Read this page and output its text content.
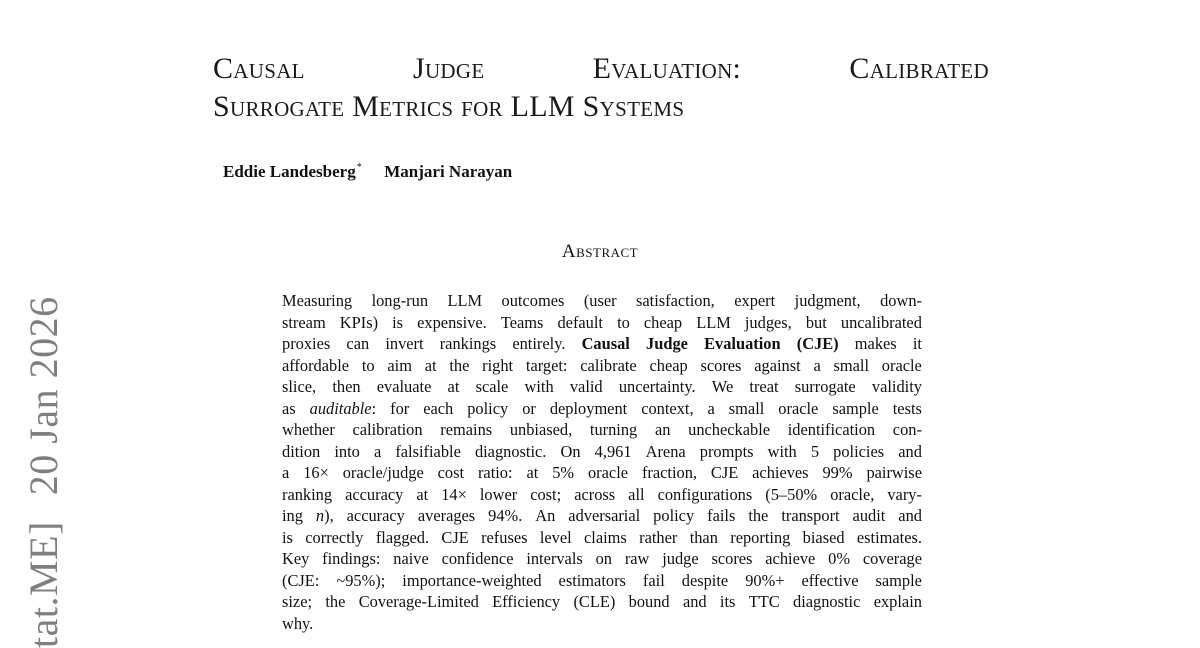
Causal	Judge	Evaluation:	Calibrated
Surrogate Metrics for LLM Systems
Eddie Landesberg* Manjari Narayan
Abstract
Measuring long-run LLM outcomes (user satisfaction, expert judgment, down-
stream KPIs) is expensive. Teams default to cheap LLM judges, but uncalibrated
proxies can invert rankings entirely. Causal Judge Evaluation (CJE) makes it
affordable to aim at the right target: calibrate cheap scores against a small oracle
slice, then evaluate at scale with valid uncertainty. We treat surrogate validity
as auditable: for each policy or deployment context, a small oracle sample tests
whether calibration remains unbiased, turning an uncheckable identification con-
dition into a falsifiable diagnostic. On 4,961 Arena prompts with 5 policies and
a 16× oracle/judge cost ratio: at 5% oracle fraction, CJE achieves 99% pairwise
ranking accuracy at 14× lower cost; across all configurations (5–50% oracle, vary-
ing n), accuracy averages 94%. An adversarial policy fails the transport audit and
is correctly flagged. CJE refuses level claims rather than reporting biased estimates.
Key findings: naive confidence intervals on raw judge scores achieve 0% coverage
(CJE: ~95%); importance-weighted estimators fail despite 90%+ effective sample
size; the Coverage-Limited Efficiency (CLE) bound and its TTC diagnostic explain
why.
tat.ME]20 Jan 2026
